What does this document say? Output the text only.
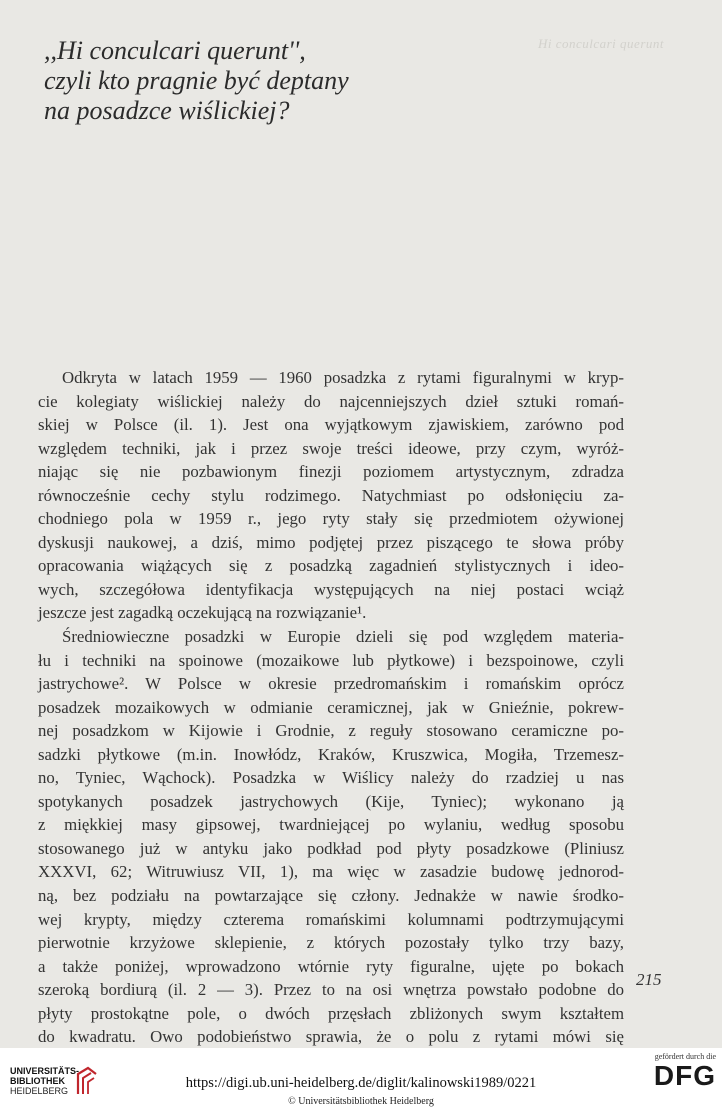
Hi conculcari querunt
,,Hi conculcari querunt'',
czyli kto pragnie być deptany
na posadzce wiślickiej?
Odkryta w latach 1959 — 1960 posadzka z rytami figuralnymi w kryp-
cie kolegiaty wiślickiej należy do najcenniejszych dzieł sztuki romań-
skiej w Polsce (il. 1). Jest ona wyjątkowym zjawiskiem, zarówno pod
względem techniki, jak i przez swoje treści ideowe, przy czym, wyróż-
niając się nie pozbawionym finezji poziomem artystycznym, zdradza
równocześnie cechy stylu rodzimego. Natychmiast po odsłonięciu za-
chodniego pola w 1959 r., jego ryty stały się przedmiotem ożywionej
dyskusji naukowej, a dziś, mimo podjętej przez piszącego te słowa próby
opracowania wiążących się z posadzką zagadnień stylistycznych i ideo-
wych, szczegółowa identyfikacja występujących na niej postaci wciąż
jeszcze jest zagadką oczekującą na rozwiązanie¹.
Średniowieczne posadzki w Europie dzieli się pod względem materia-
łu i techniki na spoinowe (mozaikowe lub płytkowe) i bezspoinowe, czyli
jastrychowe². W Polsce w okresie przedromańskim i romańskim oprócz
posadzek mozaikowych w odmianie ceramicznej, jak w Gnieźnie, pokrew-
nej posadzkom w Kijowie i Grodnie, z reguły stosowano ceramiczne po-
sadzki płytkowe (m.in. Inowłódz, Kraków, Kruszwica, Mogiła, Trzemesz-
no, Tyniec, Wąchock). Posadzka w Wiślicy należy do rzadziej u nas
spotykanych posadzek jastrychowych (Kije, Tyniec); wykonano ją
z miękkiej masy gipsowej, twardniejącej po wylaniu, według sposobu
stosowanego już w antyku jako podkład pod płyty posadzkowe (Pliniusz
XXXVI, 62; Witruwiusz VII, 1), ma więc w zasadzie budowę jednorod-
ną, bez podziału na powtarzające się człony. Jednakże w nawie środko-
wej krypty, między czterema romańskimi kolumnami podtrzymującymi
pierwotnie krzyżowe sklepienie, z których pozostały tylko trzy bazy,
a także poniżej, wprowadzono wtórnie ryty figuralne, ujęte po bokach
szeroką bordiurą (il. 2 — 3). Przez to na osi wnętrza powstało podobne do
płyty prostokątne pole, o dwóch przęsłach zbliżonych swym kształtem
do kwadratu. Owo podobieństwo sprawia, że o polu z rytami mówi się
215
UNIVERSITÄTS-
BIBLIOTHEK
HEIDELBERG	https://digi.ub.uni-heidelberg.de/diglit/kalinowski1989/0221
© Universitätsbibliothek Heidelberg
gefördert durch die
DFG
